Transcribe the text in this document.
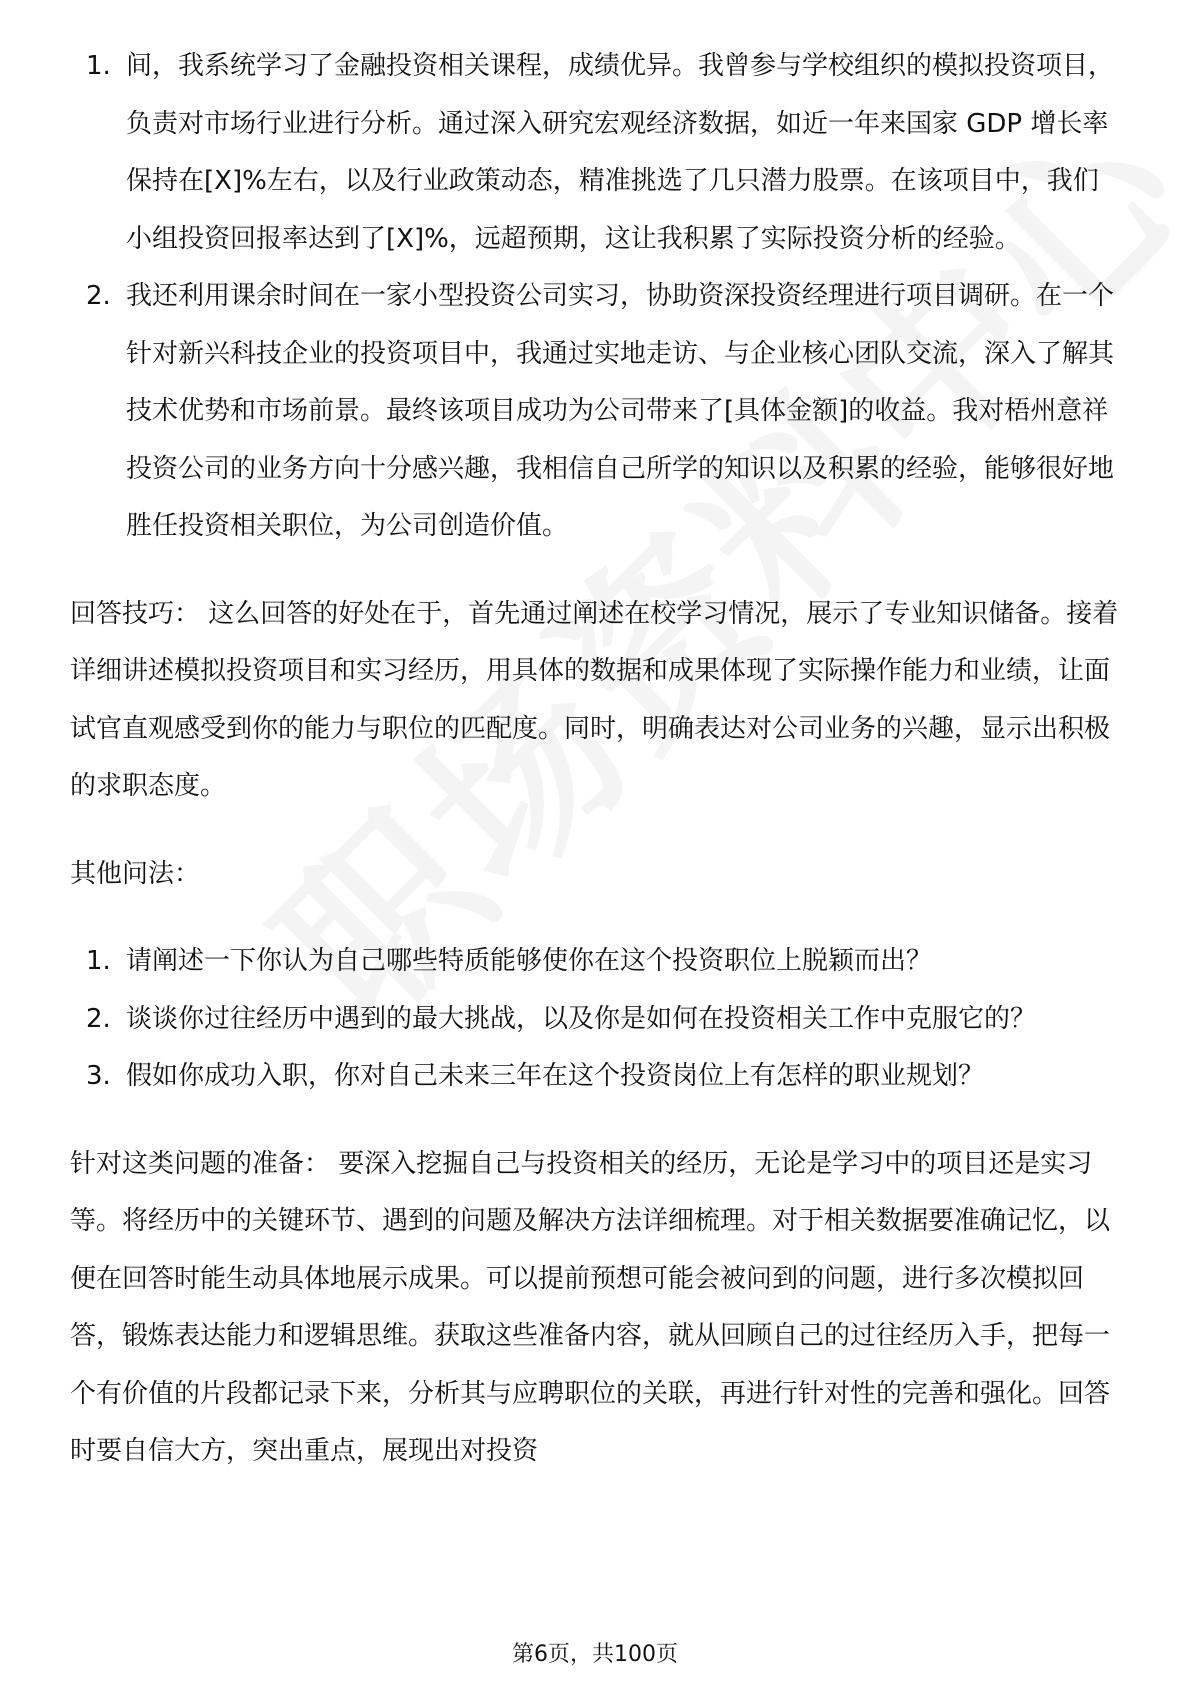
1. 间，我系统学习了金融投资相关课程，成绩优异。我曾参与学校组织的模拟投资项目，负责对市场行业进行分析。通过深入研究宏观经济数据，如近一年来国家 GDP 增长率保持在[X]%左右，以及行业政策动态，精准挑选了几只潜力股票。在该项目中，我们小组投资回报率达到了[X]%，远超预期，这让我积累了实际投资分析的经验。
2. 我还利用课余时间在一家小型投资公司实习，协助资深投资经理进行项目调研。在一个针对新兴科技企业的投资项目中，我通过实地走访、与企业核心团队交流，深入了解其技术优势和市场前景。最终该项目成功为公司带来了[具体金额]的收益。我对梧州意祥投资公司的业务方向十分感兴趣，我相信自己所学的知识以及积累的经验，能够很好地胜任投资相关职位，为公司创造价值。

回答技巧： 这么回答的好处在于，首先通过阐述在校学习情况，展示了专业知识储备。接着详细讲述模拟投资项目和实习经历，用具体的数据和成果体现了实际操作能力和业绩，让面试官直观感受到你的能力与职位的匹配度。同时，明确表达对公司业务的兴趣，显示出积极的求职态度。

其他问法：

1. 请阐述一下你认为自己哪些特质能够使你在这个投资职位上脱颖而出？
2. 谈谈你过往经历中遇到的最大挑战，以及你是如何在投资相关工作中克服它的？
3. 假如你成功入职，你对自己未来三年在这个投资岗位上有怎样的职业规划？

针对这类问题的准备： 要深入挖掘自己与投资相关的经历，无论是学习中的项目还是实习等。将经历中的关键环节、遇到的问题及解决方法详细梳理。对于相关数据要准确记忆，以便在回答时能生动具体地展示成果。可以提前预想可能会被问到的问题，进行多次模拟回答，锻炼表达能力和逻辑思维。获取这些准备内容，就从回顾自己的过往经历入手，把每一个有价值的片段都记录下来，分析其与应聘职位的关联，再进行针对性的完善和强化。回答时要自信大方，突出重点，展现出对投资

第6页，共100页
